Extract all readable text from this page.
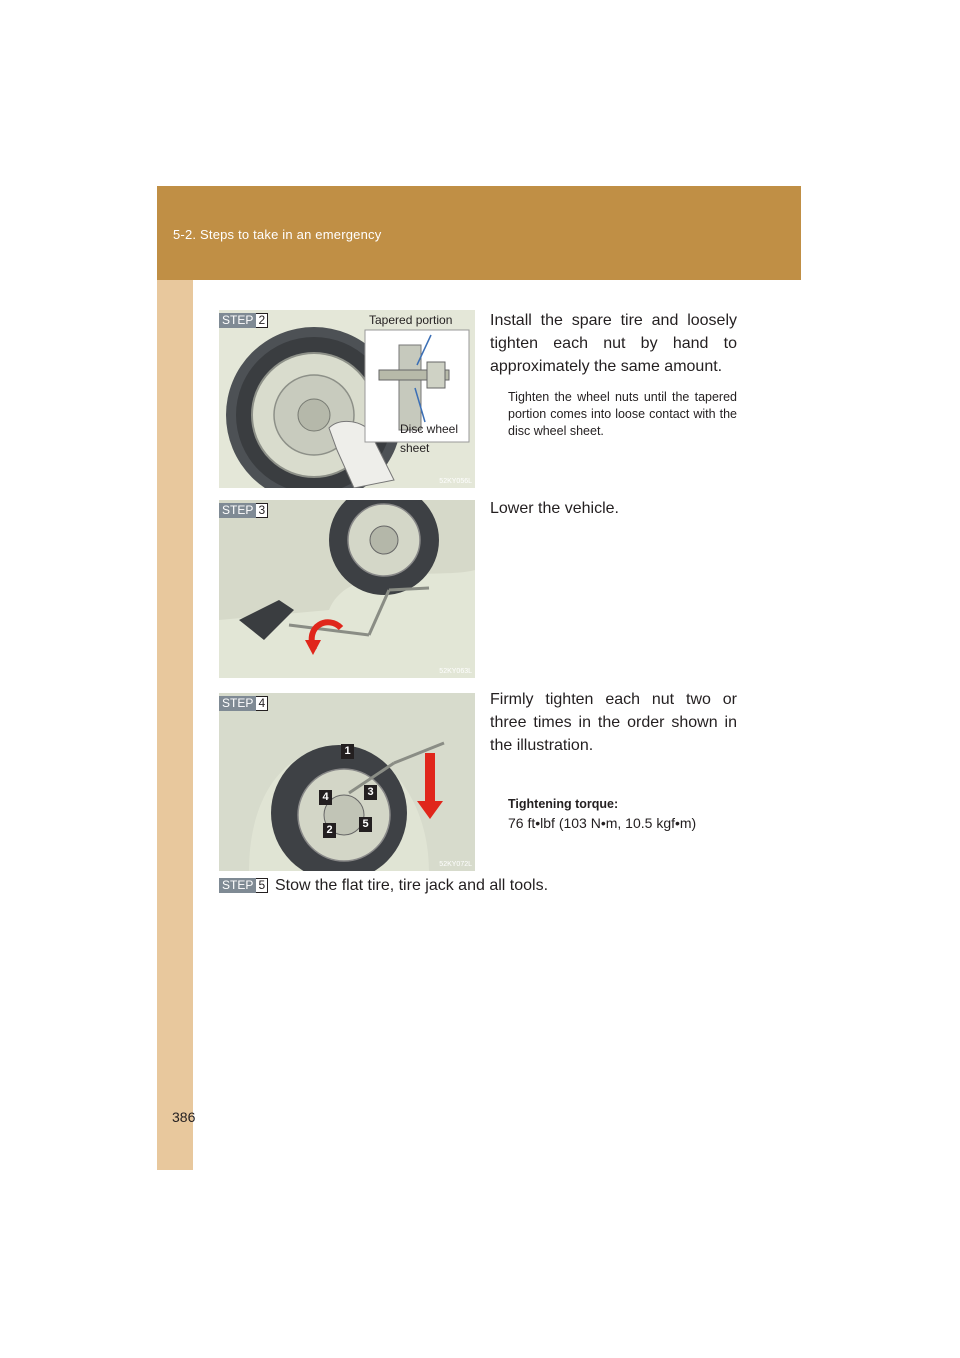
5-2. Steps to take in an emergency
Tapered portion
Disc wheel
sheet
52KY056L
STEP 2	Install the spare tire and loosely tighten each nut by hand to approximately the same amount.
Tighten the wheel nuts until the tapered portion comes into loose contact with the disc wheel sheet.
52KY063L
STEP 3	Lower the vehicle.
1
2
3
4
5
52KY072L
STEP 4	Firmly tighten each nut two or three times in the order shown in the illustration.
Tightening torque:
76 ft•lbf (103 N•m, 10.5 kgf•m)
STEP 5 Stow the flat tire, tire jack and all tools.
386
